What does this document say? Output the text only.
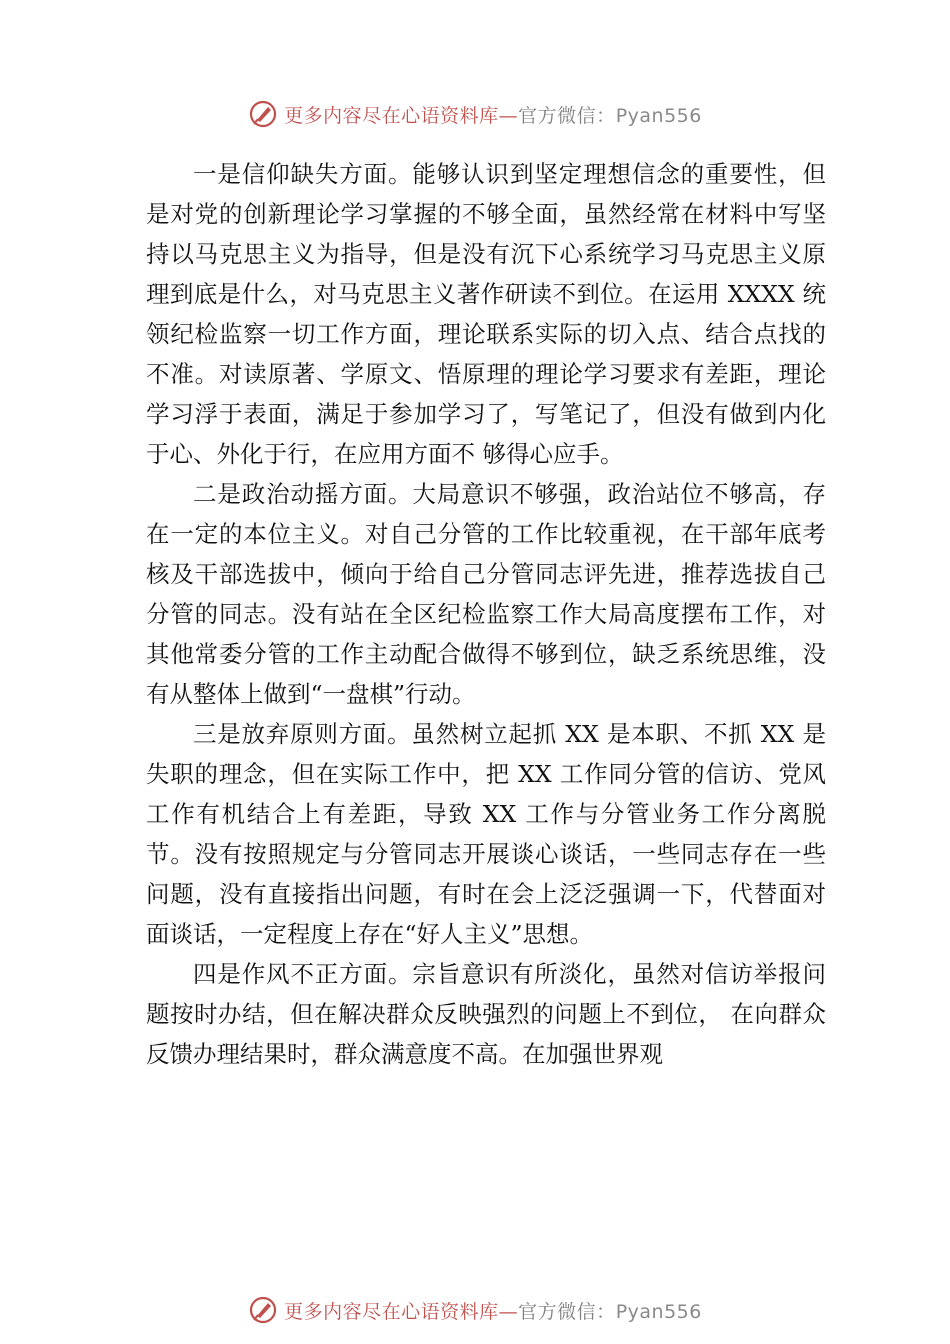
更多内容尽在心语资料库—官方微信：Pyan556

一是信仰缺失方面。能够认识到坚定理想信念的重要性，但是对党的创新理论学习掌握的不够全面，虽然经常在材料中写坚持以马克思主义为指导，但是没有沉下心系统学习马克思主义原理到底是什么，对马克思主义著作研读不到位。在运用 XXXX 统领纪检监察一切工作方面，理论联系实际的切入点、结合点找的不准。对读原著、学原文、悟原理的理论学习要求有差距，理论学习浮于表面，满足于参加学习了，写笔记了，但没有做到内化于心、外化于行，在应用方面不 够得心应手。

二是政治动摇方面。大局意识不够强，政治站位不够高，存在一定的本位主义。对自己分管的工作比较重视，在干部年底考核及干部选拔中，倾向于给自己分管同志评先进，推荐选拔自己分管的同志。没有站在全区纪检监察工作大局高度摆布工作，对其他常委分管的工作主动配合做得不够到位，缺乏系统思维，没有从整体上做到“一盘棋”行动。

三是放弃原则方面。虽然树立起抓 XX 是本职、不抓 XX 是失职的理念，但在实际工作中，把 XX 工作同分管的信访、党风工作有机结合上有差距，导致 XX 工作与分管业务工作分离脱节。没有按照规定与分管同志开展谈心谈话，一些同志存在一些问题，没有直接指出问题，有时在会上泛泛强调一下，代替面对面谈话，一定程度上存在“好人主义”思想。

四是作风不正方面。宗旨意识有所淡化，虽然对信访举报问题按时办结，但在解决群众反映强烈的问题上不到位， 在向群众反馈办理结果时，群众满意度不高。在加强世界观

更多内容尽在心语资料库—官方微信：Pyan556
